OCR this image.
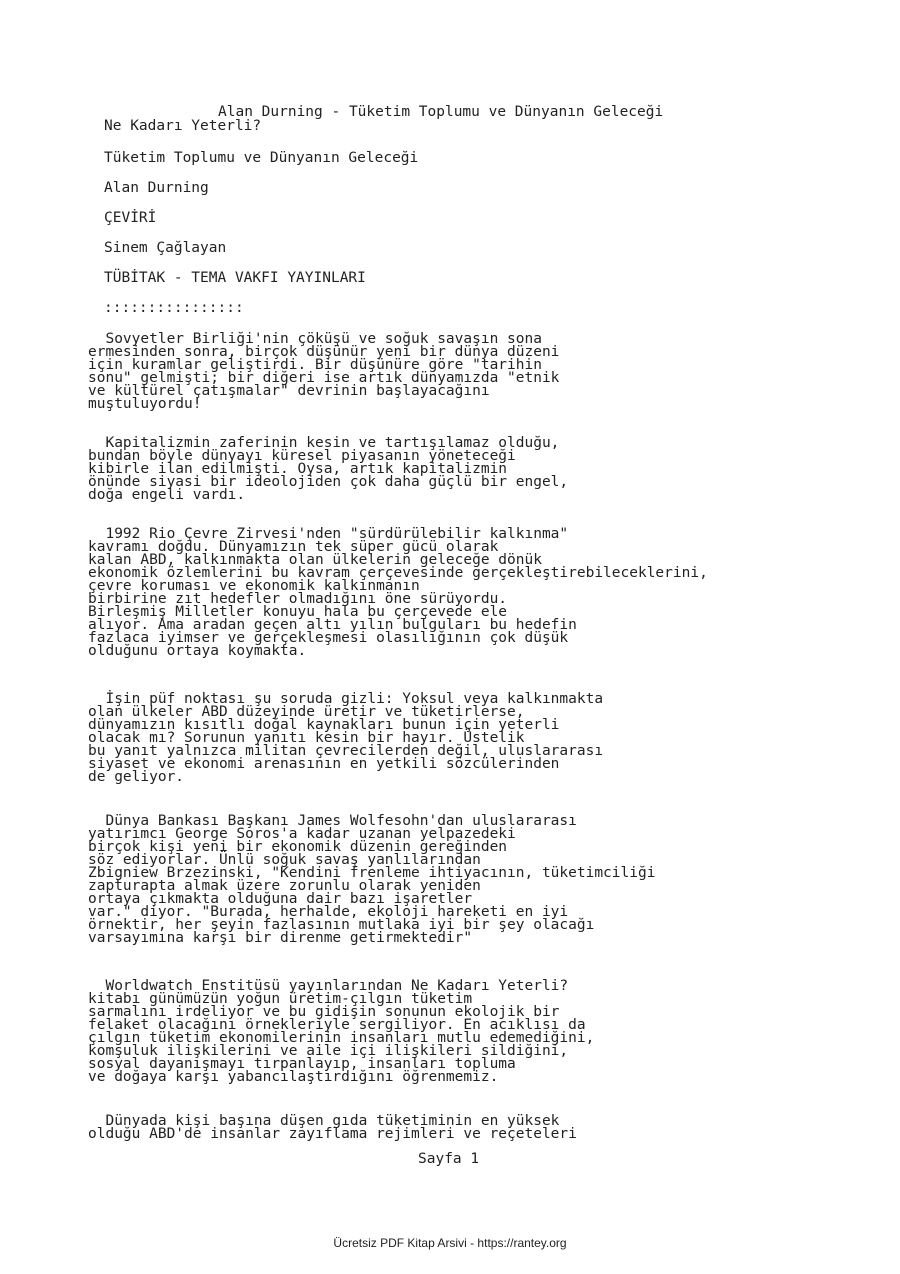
Alan Durning - Tüketim Toplumu ve Dünyanın Geleceği
Ne Kadarı Yeterli?
Tüketim Toplumu ve Dünyanın Geleceği
Alan Durning
ÇEVİRİ
Sinem Çağlayan
TÜBİTAK - TEMA VAKFI YAYINLARI
::::::::::::::::
Sovyetler Birliği'nin çöküşü ve soğuk savaşın sona
ermesinden sonra, birçok düşünür yeni bir dünya düzeni
için kuramlar geliştirdi. Bir düşünüre göre "tarihin
sonu" gelmişti; bir diğeri ise artık dünyamızda "etnik
ve kültürel çatışmalar" devrinin başlayacağını
muştuluyordu!
Kapitalizmin zaferinin kesin ve tartışılamaz olduğu,
bundan böyle dünyayı küresel piyasanın yöneteceği
kibirle ilan edilmişti. Oysa, artık kapitalizmin
önünde siyasi bir ideolojiden çok daha güçlü bir engel,
doğa engeli vardı.
1992 Rio Çevre Zirvesi'nden "sürdürülebilir kalkınma"
kavramı doğdu. Dünyamızın tek süper gücü olarak
kalan ABD, kalkınmakta olan ülkelerin geleceğe dönük
ekonomik özlemlerini bu kavram çerçevesinde gerçekleştirebileceklerini,
çevre koruması ve ekonomik kalkınmanın
birbirine zıt hedefler olmadığını öne sürüyordu.
Birleşmiş Milletler konuyu hala bu çerçevede ele
alıyor. Ama aradan geçen altı yılın bulguları bu hedefin
fazlaca iyimser ve gerçekleşmesi olasılığının çok düşük
olduğunu ortaya koymakta.
İşin püf noktası şu soruda gizli: Yoksul veya kalkınmakta
olan ülkeler ABD düzeyinde üretir ve tüketirlerse,
dünyamızın kısıtlı doğal kaynakları bunun için yeterli
olacak mı? Sorunun yanıtı kesin bir hayır. Üstelik
bu yanıt yalnızca militan çevrecilerden değil, uluslararası
siyaset ve ekonomi arenasının en yetkili sözcülerinden
de geliyor.
Dünya Bankası Başkanı James Wolfesohn'dan uluslararası
yatırımcı George Soros'a kadar uzanan yelpazedeki
birçok kişi yeni bir ekonomik düzenin gereğinden
söz ediyorlar. Ünlü soğuk savaş yanlılarından
Zbigniew Brzezinski, "Kendini frenleme ihtiyacının, tüketimciliği
zapturapta almak üzere zorunlu olarak yeniden
ortaya çıkmakta olduğuna dair bazı işaretler
var." diyor. "Burada, herhalde, ekoloji hareketi en iyi
örnektir, her şeyin fazlasının mutlaka iyi bir şey olacağı
varsayımına karşı bir direnme getirmektedir"
Worldwatch Enstitüsü yayınlarından Ne Kadarı Yeterli?
kitabı günümüzün yoğun üretim-çılgın tüketim
sarmalını irdeliyor ve bu gidişin sonunun ekolojik bir
felaket olacağını örnekleriyle sergiliyor. En acıklısı da
çılgın tüketim ekonomilerinin insanları mutlu edemediğini,
komşuluk ilişkilerini ve aile içi ilişkileri sildiğini,
sosyal dayanışmayı tırpanlayıp, insanları topluma
ve doğaya karşı yabancılaştırdığını öğrenmemiz.
Dünyada kişi başına düşen gıda tüketiminin en yüksek
olduğu ABD'de insanlar zayıflama rejimleri ve reçeteleri
Sayfa 1
Ücretsiz PDF Kitap Arsivi - https://rantey.org
